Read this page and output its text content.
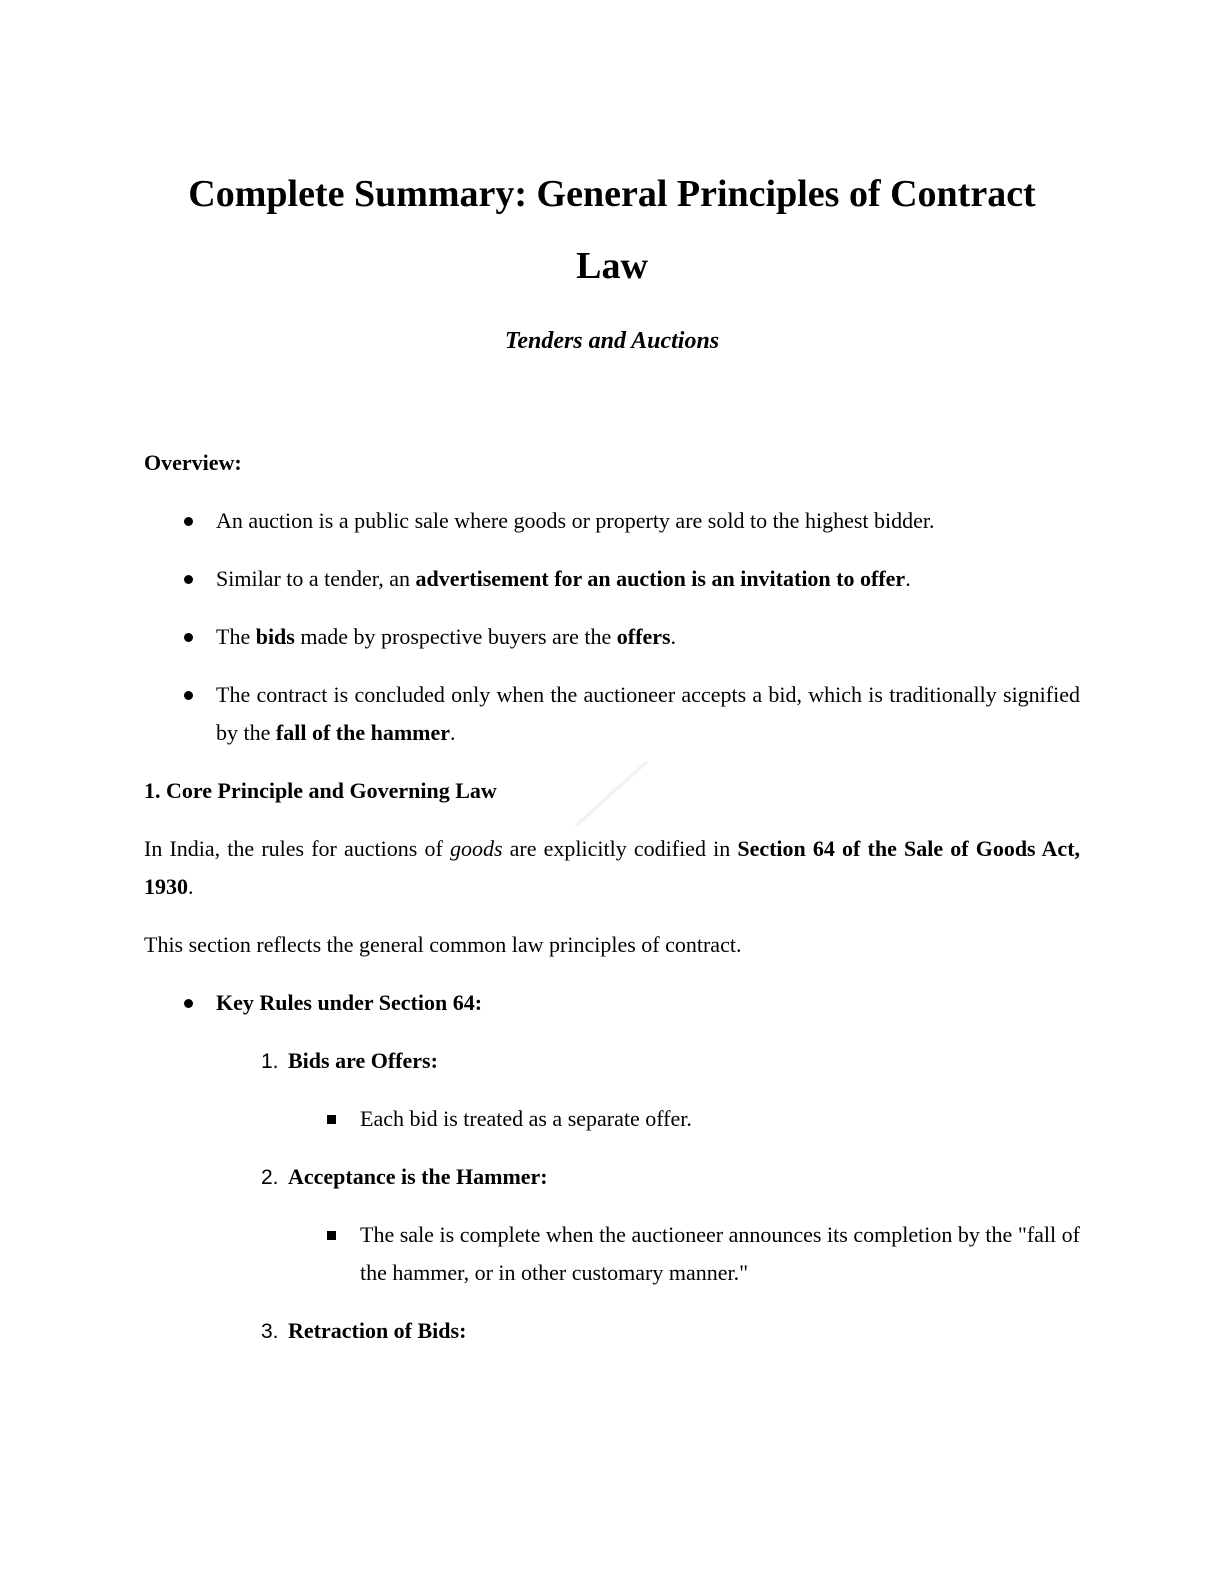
Complete Summary: General Principles of Contract
Law
Tenders and Auctions
Overview:
An auction is a public sale where goods or property are sold to the highest bidder.
Similar to a tender, an advertisement for an auction is an invitation to offer.
The bids made by prospective buyers are the offers.
The contract is concluded only when the auctioneer accepts a bid, which is traditionally signified by the fall of the hammer.
1. Core Principle and Governing Law
In India, the rules for auctions of goods are explicitly codified in Section 64 of the Sale of Goods Act, 1930.
This section reflects the general common law principles of contract.
Key Rules under Section 64:
1. Bids are Offers:
Each bid is treated as a separate offer.
2. Acceptance is the Hammer:
The sale is complete when the auctioneer announces its completion by the "fall of the hammer, or in other customary manner."
3. Retraction of Bids:
